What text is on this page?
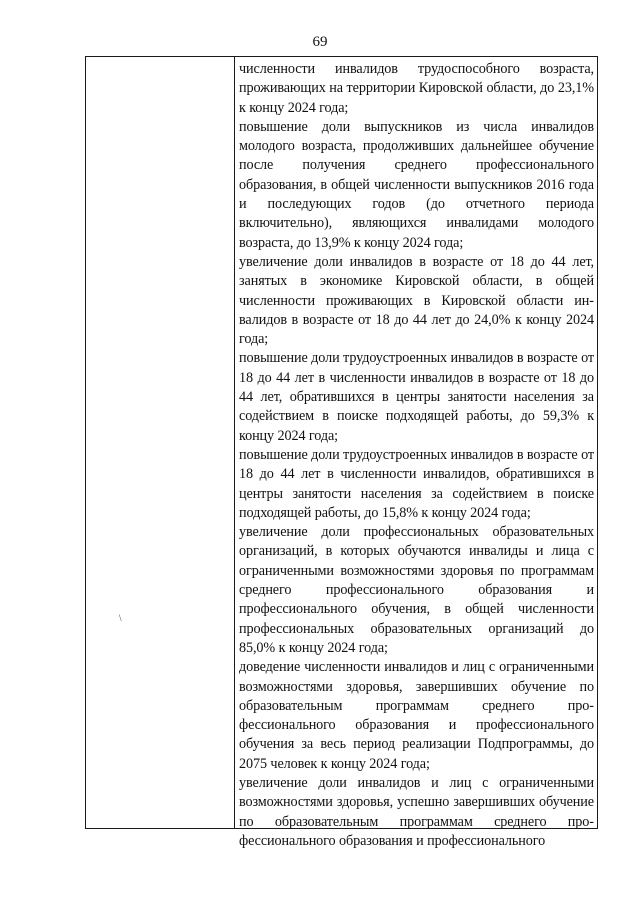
69
\

численности инвалидов трудоспособного возраста, проживающих на территории Кировской области, до 23,1% к концу 2024 года;

повышение доли выпускников из числа инвалидов молодого возраста, продолживших дальнейшее обучение после получения среднего профессионального образования, в общей численности выпускников 2016 года и последующих годов (до отчетного периода включительно), являющихся инвалидами молодого возраста, до 13,9% к концу 2024 года;

увеличение доли инвалидов в возрасте от 18 до 44 лет, занятых в экономике Кировской области, в общей численности проживающих в Кировской области инвалидов в возрасте от 18 до 44 лет до 24,0% к концу 2024 года;

повышение доли трудоустроенных инвалидов в возрасте от 18 до 44 лет в численности инвалидов в возрасте от 18 до 44 лет, обратившихся в центры занятости населения за содействием в поиске подходящей работы, до 59,3% к концу 2024 года;

повышение доли трудоустроенных инвалидов в возрасте от 18 до 44 лет в численности инвалидов, обратившихся в центры занятости населения за содействием в поиске подходящей работы, до 15,8% к концу 2024 года;

увеличение доли профессиональных образовательных организаций, в которых обучаются инвалиды и лица с ограниченными возможностями здоровья по программам среднего профессионального образования и профессионального обучения, в общей численности профессиональных образовательных организаций до 85,0% к концу 2024 года;

доведение численности инвалидов и лиц с ограниченными возможностями здоровья, завершивших обучение по образовательным программам среднего профессионального образования и профессионального обучения за весь период реализации Подпрограммы, до 2075 человек к концу 2024 года;

увеличение доли инвалидов и лиц с ограниченными возможностями здоровья, успешно завершивших обучение по образовательным программам среднего профессионального образования и профессионального
